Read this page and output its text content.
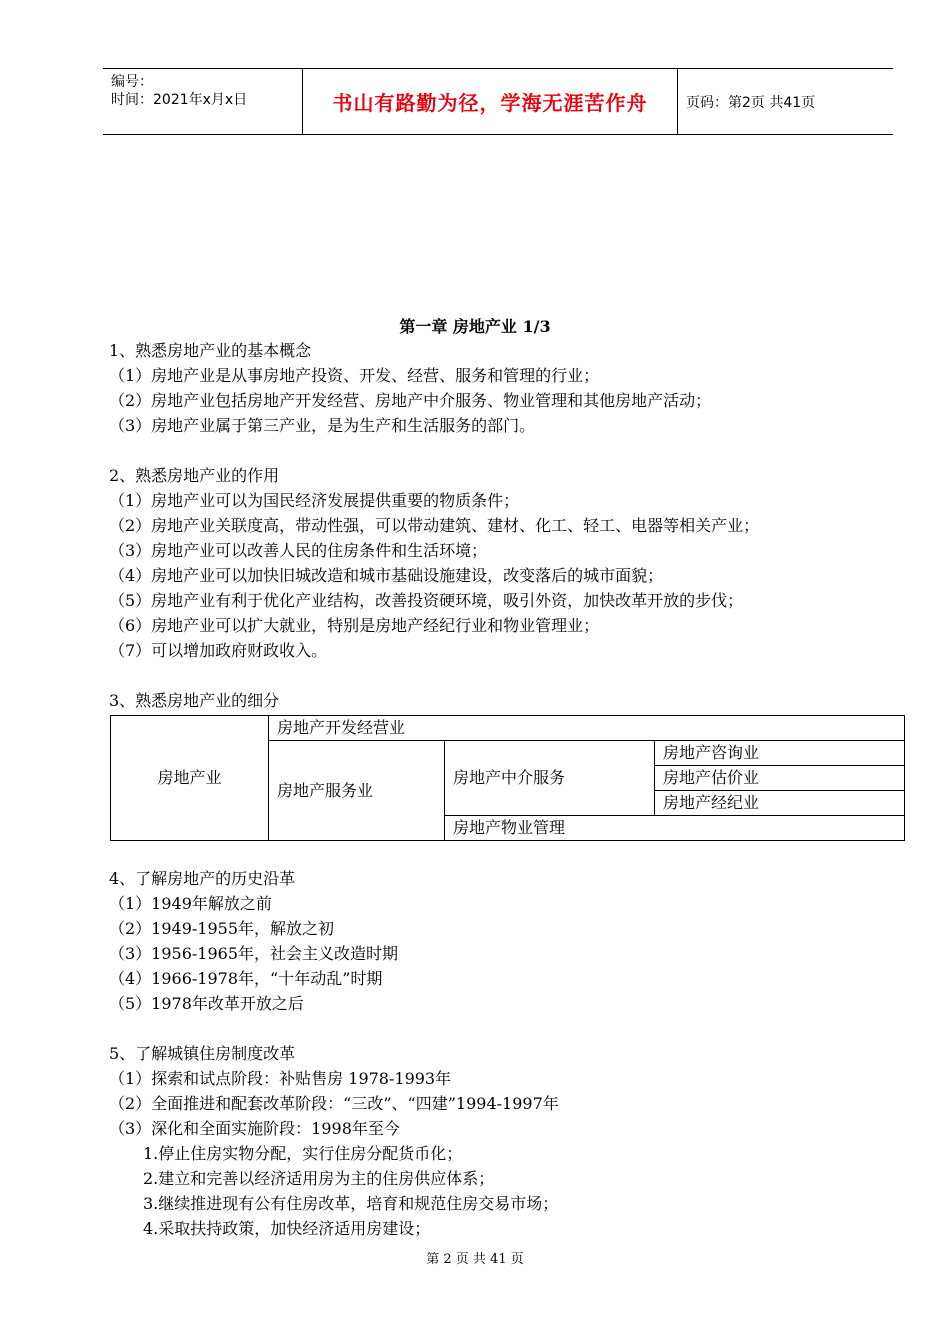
编号：
时间：2021年x月x日	书山有路勤为径，学海无涯苦作舟	页码：第2页 共41页
第一章 房地产业 1/3
1、熟悉房地产业的基本概念
（1）房地产业是从事房地产投资、开发、经营、服务和管理的行业；
（2）房地产业包括房地产开发经营、房地产中介服务、物业管理和其他房地产活动；
（3）房地产业属于第三产业，是为生产和生活服务的部门。
2、熟悉房地产业的作用
（1）房地产业可以为国民经济发展提供重要的物质条件；
（2）房地产业关联度高，带动性强，可以带动建筑、建材、化工、轻工、电器等相关产业；
（3）房地产业可以改善人民的住房条件和生活环境；
（4）房地产业可以加快旧城改造和城市基础设施建设，改变落后的城市面貌；
（5）房地产业有利于优化产业结构，改善投资硬环境，吸引外资，加快改革开放的步伐；
（6）房地产业可以扩大就业，特别是房地产经纪行业和物业管理业；
（7）可以增加政府财政收入。
3、熟悉房地产业的细分
房地产业	房地产开发经营业		
	房地产服务业	房地产中介服务	房地产咨询业
			房地产估价业
			房地产经纪业
		房地产物业管理	
4、了解房地产的历史沿革
（1）1949年解放之前
（2）1949-1955年，解放之初
（3）1956-1965年，社会主义改造时期
（4）1966-1978年，“十年动乱”时期
（5）1978年改革开放之后
5、了解城镇住房制度改革
（1）探索和试点阶段：补贴售房 1978-1993年
（2）全面推进和配套改革阶段：“三改”、“四建”1994-1997年
（3）深化和全面实施阶段：1998年至今
1.停止住房实物分配，实行住房分配货币化；
2.建立和完善以经济适用房为主的住房供应体系；
3.继续推进现有公有住房改革，培育和规范住房交易市场；
4.采取扶持政策，加快经济适用房建设；
第 2 页 共 41 页
